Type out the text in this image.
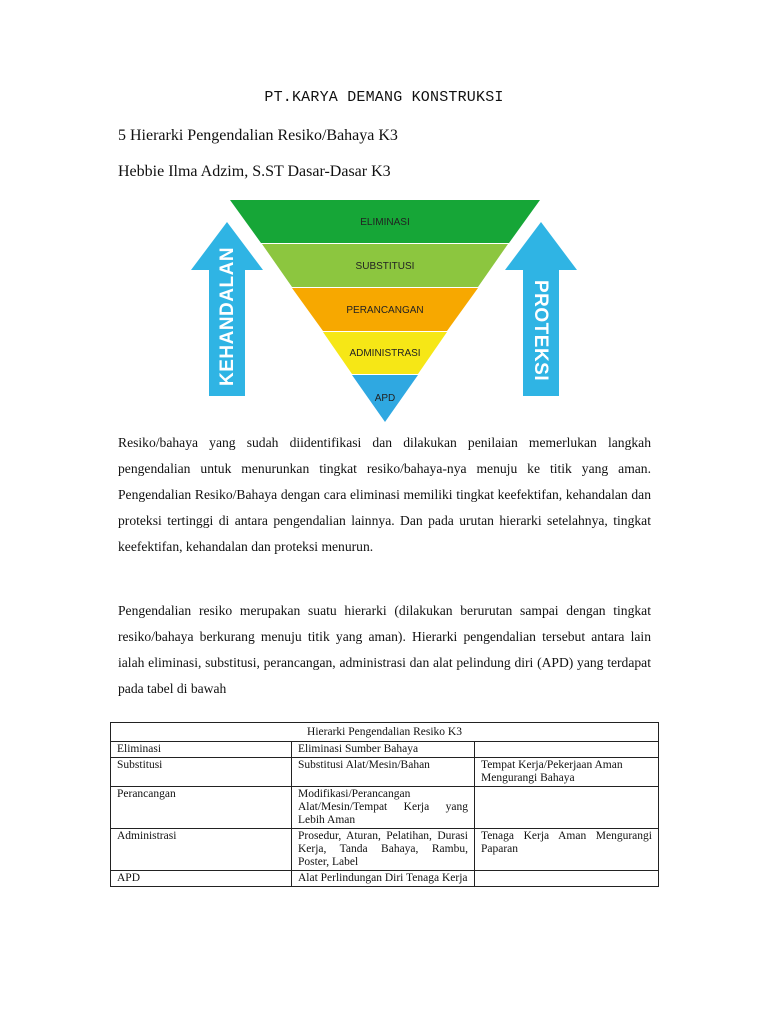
PT.KARYA DEMANG KONSTRUKSI
5 Hierarki Pengendalian Resiko/Bahaya K3
Hebbie Ilma Adzim, S.ST Dasar-Dasar K3
KEHANDALAN	PROTEKSI
ELIMINASI
SUBSTITUSI
PERANCANGAN
ADMINISTRASI
APD

Resiko/bahaya yang sudah diidentifikasi dan dilakukan penilaian memerlukan langkah pengendalian untuk menurunkan tingkat resiko/bahaya-nya menuju ke titik yang aman. Pengendalian Resiko/Bahaya dengan cara eliminasi memiliki tingkat keefektifan, kehandalan dan proteksi tertinggi di antara pengendalian lainnya. Dan pada urutan hierarki setelahnya, tingkat keefektifan, kehandalan dan proteksi menurun.

Pengendalian resiko merupakan suatu hierarki (dilakukan berurutan sampai dengan tingkat resiko/bahaya berkurang menuju titik yang aman). Hierarki pengendalian tersebut antara lain ialah eliminasi, substitusi, perancangan, administrasi dan alat pelindung diri (APD) yang terdapat pada tabel di bawah

Hierarki Pengendalian Resiko K3		
Eliminasi	Eliminasi Sumber Bahaya	
Substitusi	Substitusi Alat/Mesin/Bahan	Tempat Kerja/Pekerjaan Aman Mengurangi Bahaya
Perancangan	Modifikasi/Perancangan Alat/Mesin/Tempat Kerja yang Lebih Aman	
Administrasi	Prosedur, Aturan, Pelatihan, Durasi Kerja, Tanda Bahaya, Rambu, Poster, Label	Tenaga Kerja Aman Mengurangi Paparan
APD	Alat Perlindungan Diri Tenaga Kerja	
